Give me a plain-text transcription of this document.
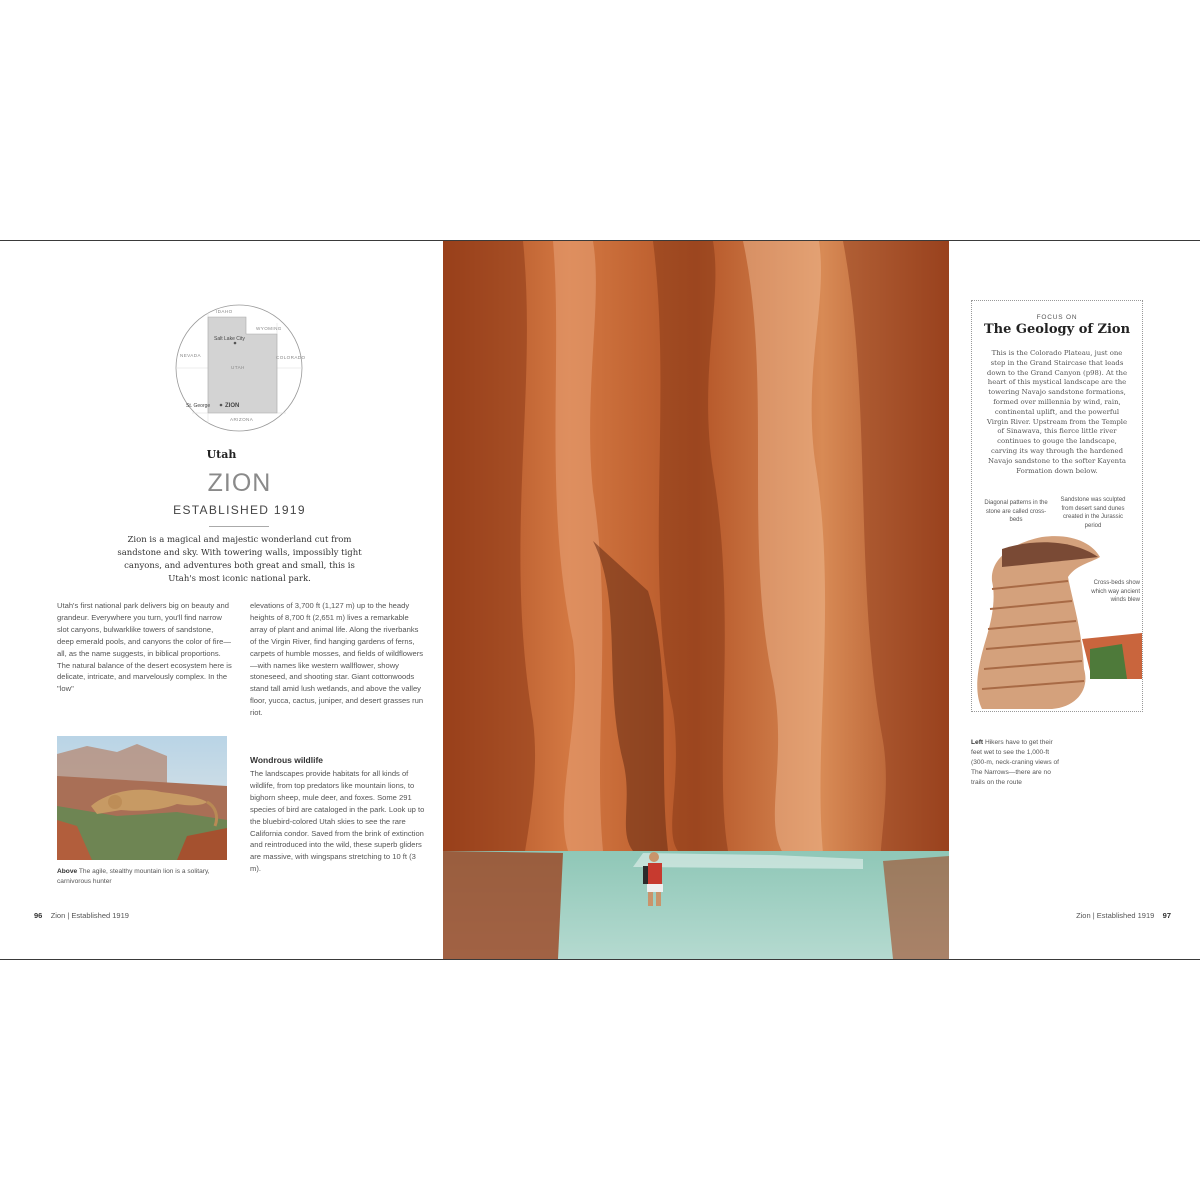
IDAHO
WYOMING
NEVADA	COLORADO
ARIZONA
UTAH
Salt Lake City
St. George ZION
Utah
ZION
ESTABLISHED 1919
Zion is a magical and majestic wonderland cut from sandstone and sky. With towering walls, impossibly tight canyons, and adventures both great and small, this is Utah's most iconic national park.
Utah's first national park delivers big on beauty and grandeur. Everywhere you turn, you'll find narrow slot canyons, bulwarklike towers of sandstone, deep emerald pools, and canyons the color of fire—all, as the name suggests, in biblical proportions.
The natural balance of the desert ecosystem here is delicate, intricate, and marvelously complex. In the "low"
elevations of 3,700 ft (1,127 m) up to the heady heights of 8,700 ft (2,651 m) lives a remarkable array of plant and animal life. Along the riverbanks of the Virgin River, find hanging gardens of ferns, carpets of humble mosses, and fields of wildflowers—with names like western wallflower, showy stoneseed, and shooting star. Giant cottonwoods stand tall amid lush wetlands, and above the valley floor, yucca, cactus, juniper, and desert grasses run riot.
Wondrous wildlife
The landscapes provide habitats for all kinds of wildlife, from top predators like mountain lions, to bighorn sheep, mule deer, and foxes. Some 291 species of bird are cataloged in the park. Look up to the bluebird-colored Utah skies to see the rare California condor. Saved from the brink of extinction and reintroduced into the wild, these superb gliders are massive, with wingspans stretching to 10 ft (3 m).
Above The agile, stealthy mountain lion is a solitary, carnivorous hunter
96 Zion | Established 1919
FOCUS ON
The Geology of Zion
This is the Colorado Plateau, just one step in the Grand Staircase that leads down to the Grand Canyon (p98). At the heart of this mystical landscape are the towering Navajo sandstone formations, formed over millennia by wind, rain, continental uplift, and the powerful Virgin River. Upstream from the Temple of Sinawava, this fierce little river continues to gouge the landscape, carving its way through the hardened Navajo sandstone to the softer Kayenta Formation down below.
Diagonal patterns in the stone are called cross-beds
Sandstone was sculpted from desert sand dunes created in the Jurassic period
Cross-beds show which way ancient winds blew
Left Hikers have to get their feet wet to see the 1,000-ft (300-m, neck-craning views of The Narrows—there are no trails on the route
Zion | Established 1919 97
